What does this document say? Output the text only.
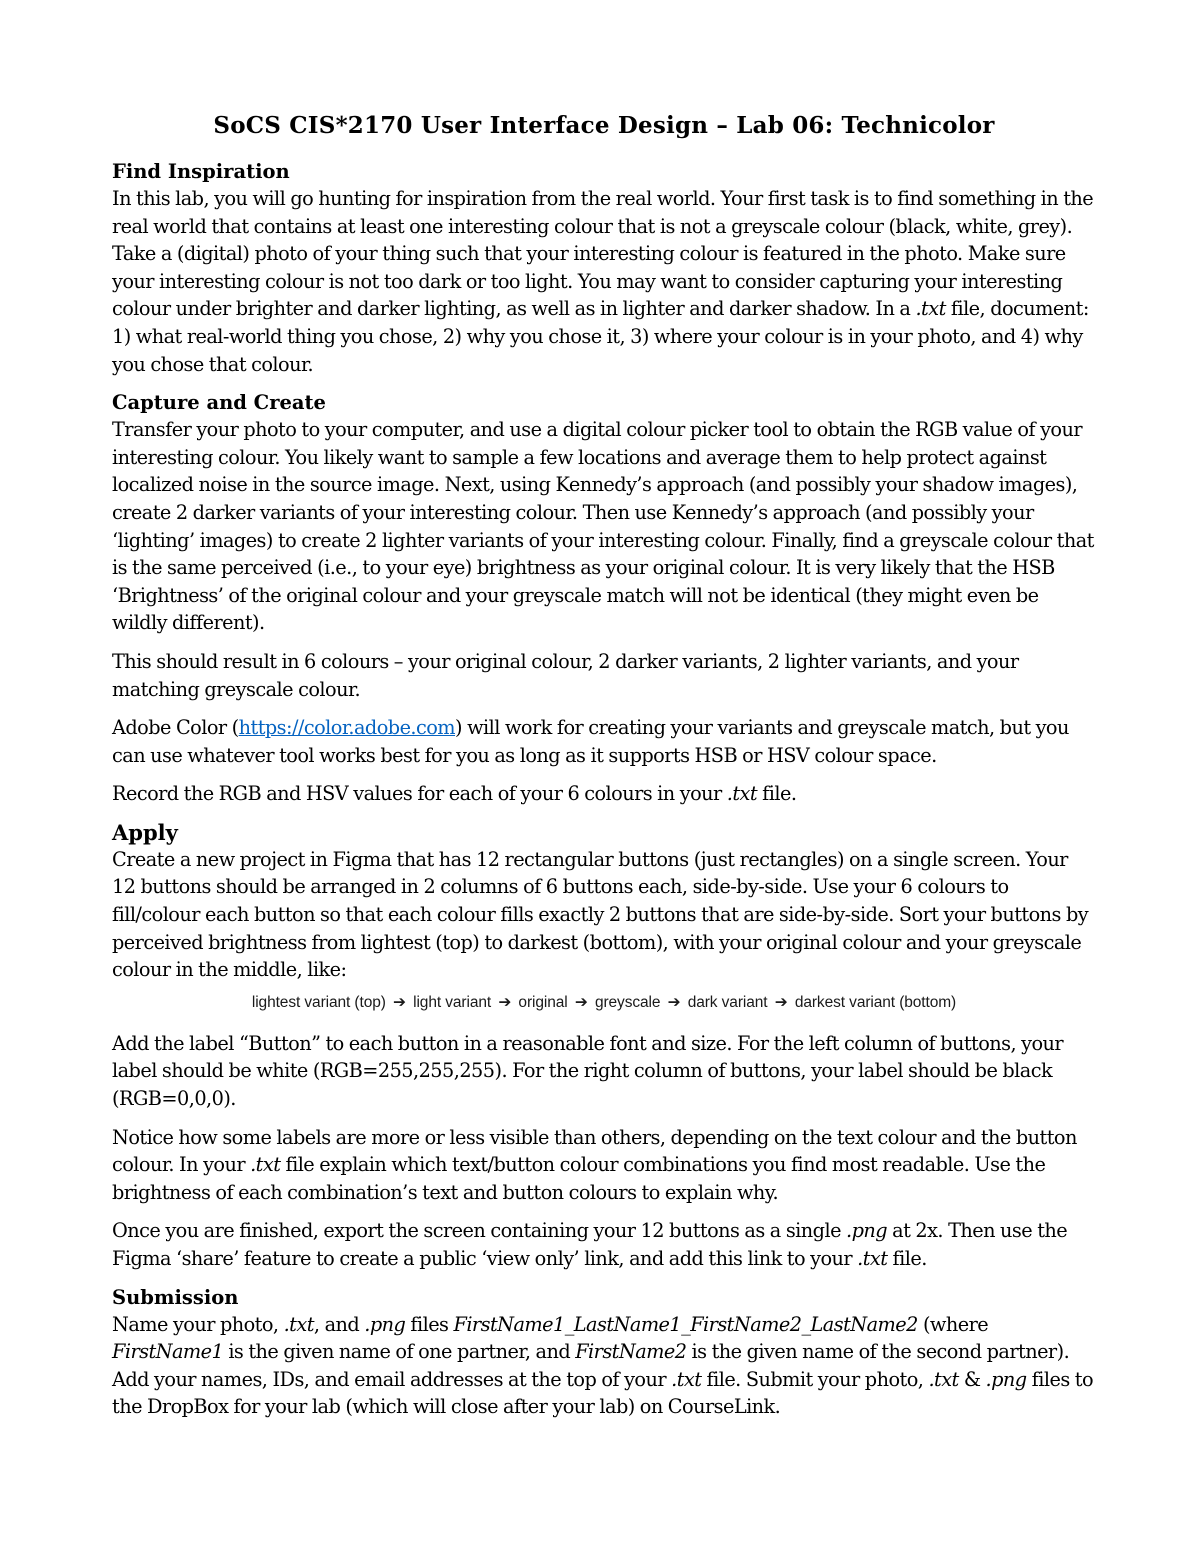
SoCS CIS*2170 User Interface Design – Lab 06: Technicolor
Find Inspiration

In this lab, you will go hunting for inspiration from the real world. Your first task is to find something in the real world that contains at least one interesting colour that is not a greyscale colour (black, white, grey). Take a (digital) photo of your thing such that your interesting colour is featured in the photo. Make sure your interesting colour is not too dark or too light. You may want to consider capturing your interesting colour under brighter and darker lighting, as well as in lighter and darker shadow. In a .txt file, document: 1) what real-world thing you chose, 2) why you chose it, 3) where your colour is in your photo, and 4) why you chose that colour.

Capture and Create

Transfer your photo to your computer, and use a digital colour picker tool to obtain the RGB value of your interesting colour. You likely want to sample a few locations and average them to help protect against localized noise in the source image. Next, using Kennedy’s approach (and possibly your shadow images), create 2 darker variants of your interesting colour. Then use Kennedy’s approach (and possibly your ‘lighting’ images) to create 2 lighter variants of your interesting colour. Finally, find a greyscale colour that is the same perceived (i.e., to your eye) brightness as your original colour. It is very likely that the HSB ‘Brightness’ of the original colour and your greyscale match will not be identical (they might even be wildly different).

This should result in 6 colours – your original colour, 2 darker variants, 2 lighter variants, and your matching greyscale colour.

Adobe Color (https://color.adobe.com) will work for creating your variants and greyscale match, but you can use whatever tool works best for you as long as it supports HSB or HSV colour space.

Record the RGB and HSV values for each of your 6 colours in your .txt file.

Apply

Create a new project in Figma that has 12 rectangular buttons (just rectangles) on a single screen. Your 12 buttons should be arranged in 2 columns of 6 buttons each, side-by-side. Use your 6 colours to fill/colour each button so that each colour fills exactly 2 buttons that are side-by-side. Sort your buttons by perceived brightness from lightest (top) to darkest (bottom), with your original colour and your greyscale colour in the middle, like:

lightest variant (top) ➔ light variant ➔ original ➔ greyscale ➔ dark variant ➔ darkest variant (bottom)

Add the label “Button” to each button in a reasonable font and size. For the left column of buttons, your label should be white (RGB=255,255,255). For the right column of buttons, your label should be black (RGB=0,0,0).

Notice how some labels are more or less visible than others, depending on the text colour and the button colour. In your .txt file explain which text/button colour combinations you find most readable. Use the brightness of each combination’s text and button colours to explain why.

Once you are finished, export the screen containing your 12 buttons as a single .png at 2x. Then use the Figma ‘share’ feature to create a public ‘view only’ link, and add this link to your .txt file.

Submission

Name your photo, .txt, and .png files FirstName1_LastName1_FirstName2_LastName2 (where FirstName1 is the given name of one partner, and FirstName2 is the given name of the second partner). Add your names, IDs, and email addresses at the top of your .txt file. Submit your photo, .txt & .png files to the DropBox for your lab (which will close after your lab) on CourseLink.
